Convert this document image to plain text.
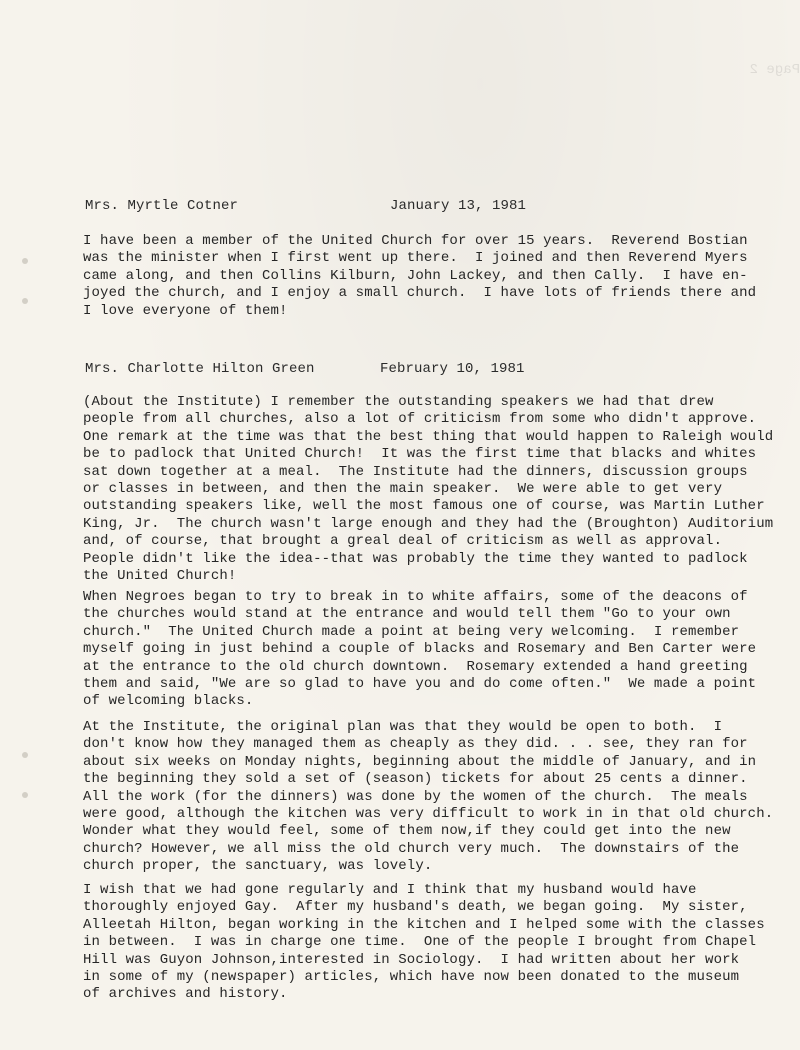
Page 2
Mrs. Myrtle Cotner	January 13, 1981
I have been a member of the United Church for over 15 years.  Reverend Bostian
was the minister when I first went up there.  I joined and then Reverend Myers
came along, and then Collins Kilburn, John Lackey, and then Cally.  I have en-
joyed the church, and I enjoy a small church.  I have lots of friends there and
I love everyone of them!
Mrs. Charlotte Hilton Green	February 10, 1981
(About the Institute) I remember the outstanding speakers we had that drew
people from all churches, also a lot of criticism from some who didn't approve.
One remark at the time was that the best thing that would happen to Raleigh would
be to padlock that United Church!  It was the first time that blacks and whites
sat down together at a meal.  The Institute had the dinners, discussion groups
or classes in between, and then the main speaker.  We were able to get very
outstanding speakers like, well the most famous one of course, was Martin Luther
King, Jr.  The church wasn't large enough and they had the (Broughton) Auditorium
and, of course, that brought a greal deal of criticism as well as approval.
People didn't like the idea--that was probably the time they wanted to padlock
the United Church!
When Negroes began to try to break in to white affairs, some of the deacons of
the churches would stand at the entrance and would tell them "Go to your own
church."  The United Church made a point at being very welcoming.  I remember
myself going in just behind a couple of blacks and Rosemary and Ben Carter were
at the entrance to the old church downtown.  Rosemary extended a hand greeting
them and said, "We are so glad to have you and do come often."  We made a point
of welcoming blacks.
At the Institute, the original plan was that they would be open to both.  I
don't know how they managed them as cheaply as they did. . . see, they ran for
about six weeks on Monday nights, beginning about the middle of January, and in
the beginning they sold a set of (season) tickets for about 25 cents a dinner.
All the work (for the dinners) was done by the women of the church.  The meals
were good, although the kitchen was very difficult to work in in that old church.
Wonder what they would feel, some of them now,if they could get into the new
church? However, we all miss the old church very much.  The downstairs of the
church proper, the sanctuary, was lovely.
I wish that we had gone regularly and I think that my husband would have
thoroughly enjoyed Gay.  After my husband's death, we began going.  My sister,
Alleetah Hilton, began working in the kitchen and I helped some with the classes
in between.  I was in charge one time.  One of the people I brought from Chapel
Hill was Guyon Johnson,interested in Sociology.  I had written about her work
in some of my (newspaper) articles, which have now been donated to the museum
of archives and history.
